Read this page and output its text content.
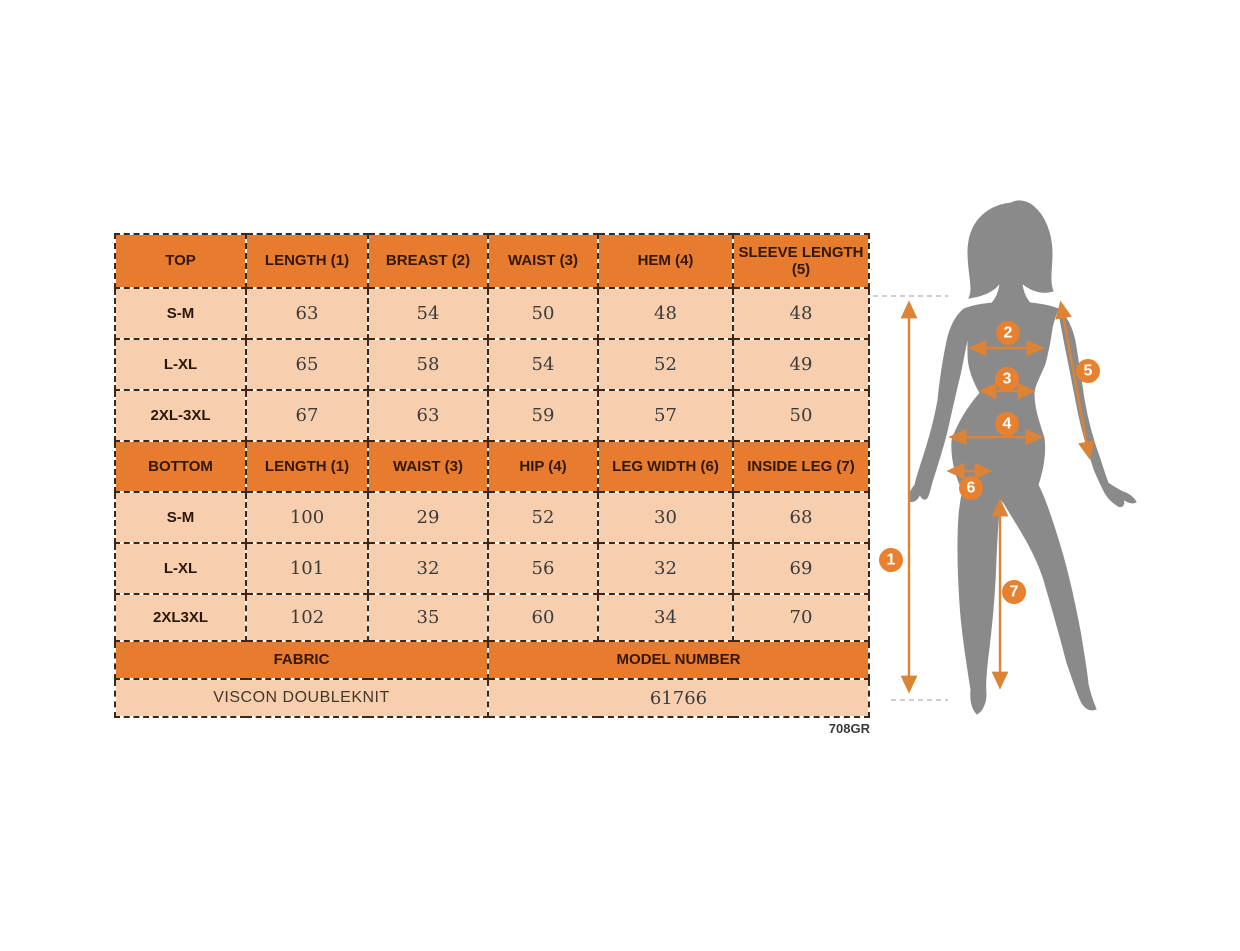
TOP	LENGTH (1)	BREAST (2)	WAIST (3)	HEM (4)	SLEEVE LENGTH (5)
S-M	63	54	50	48	48
L-XL	65	58	54	52	49
2XL-3XL	67	63	59	57	50
BOTTOM	LENGTH (1)	WAIST (3)	HIP (4)	LEG WIDTH (6)	INSIDE LEG (7)
S-M	100	29	52	30	68
L-XL	101	32	56	32	69
2XL3XL	102	35	60	34	70
FABRIC			MODEL NUMBER		
VISCON DOUBLEKNIT			61766		
708GR
1
2
3
4
5
6
7
